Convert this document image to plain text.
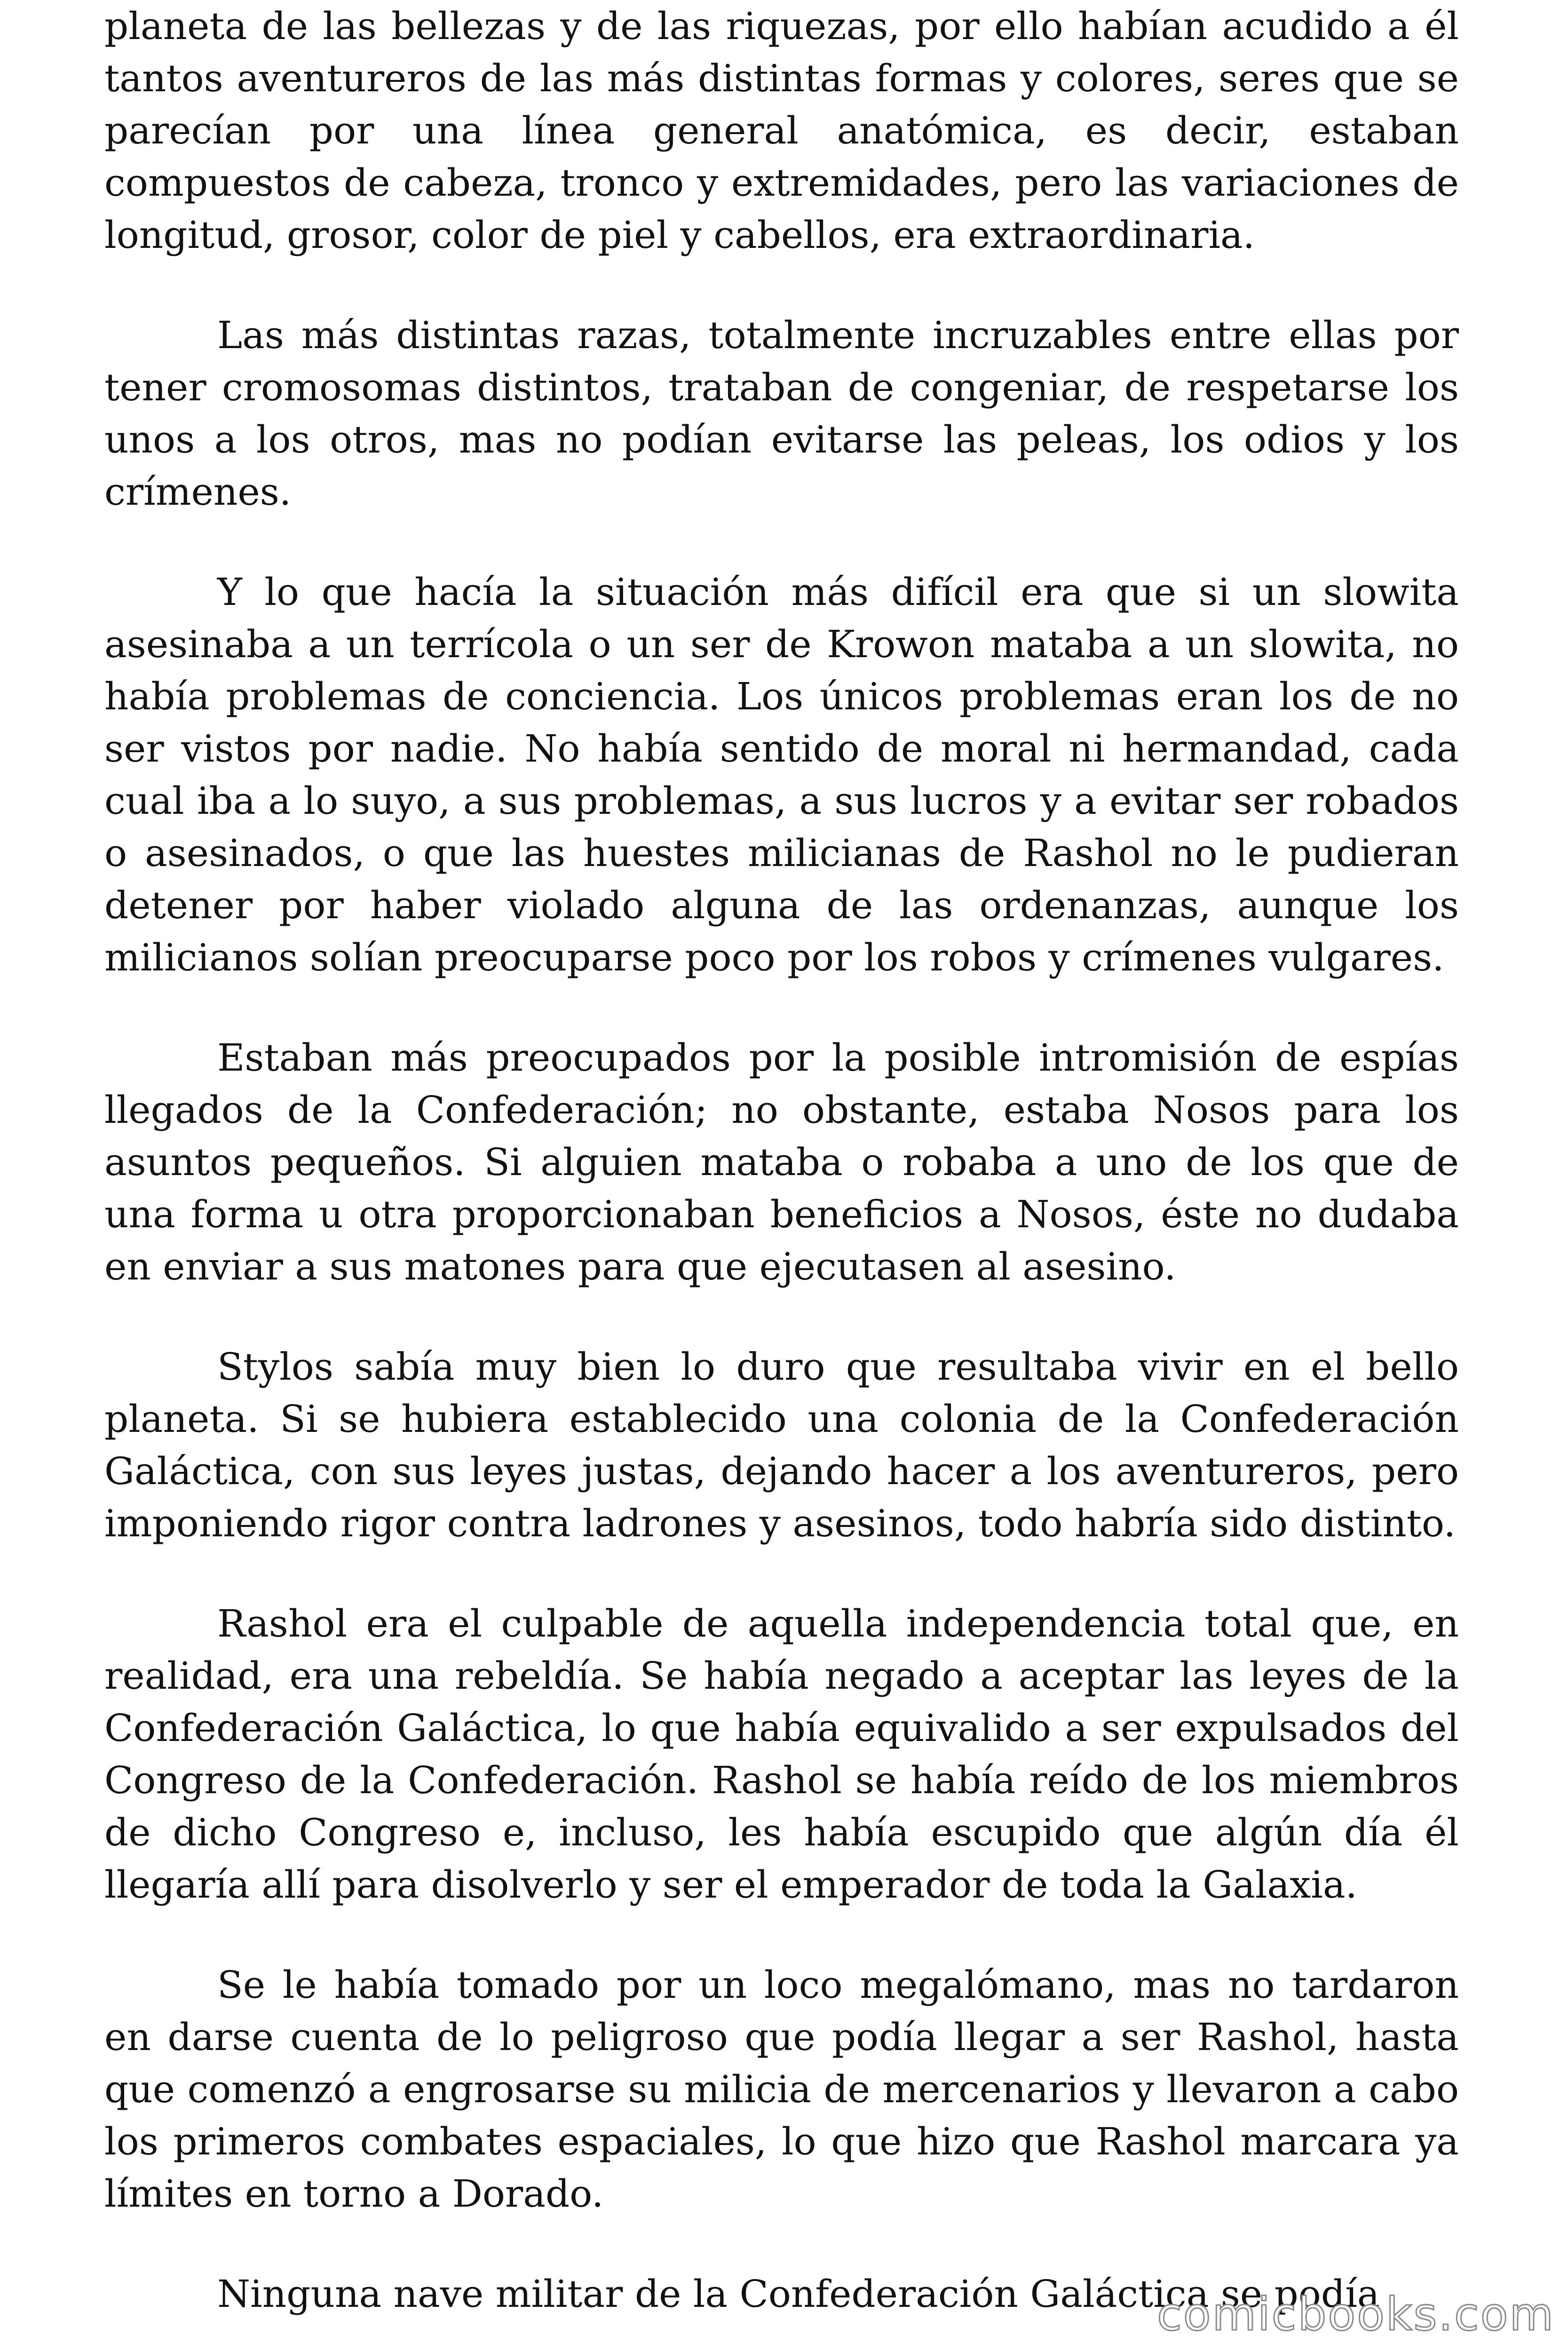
planeta de las bellezas y de las riquezas, por ello habían acudido a él tantos aventureros de las más distintas formas y colores, seres que se parecían por una línea general anatómica, es decir, estaban compuestos de cabeza, tronco y extremidades, pero las variaciones de longitud, grosor, color de piel y cabellos, era extraordinaria.

Las más distintas razas, totalmente incruzables entre ellas por tener cromosomas distintos, trataban de congeniar, de respetarse los unos a los otros, mas no podían evitarse las peleas, los odios y los crímenes.

Y lo que hacía la situación más difícil era que si un slowita asesinaba a un terrícola o un ser de Krowon mataba a un slowita, no había problemas de conciencia. Los únicos problemas eran los de no ser vistos por nadie. No había sentido de moral ni hermandad, cada cual iba a lo suyo, a sus problemas, a sus lucros y a evitar ser robados o asesinados, o que las huestes milicianas de Rashol no le pudieran detener por haber violado alguna de las ordenanzas, aunque los milicianos solían preocuparse poco por los robos y crímenes vulgares.

Estaban más preocupados por la posible intromisión de espías llegados de la Confederación; no obstante, estaba Nosos para los asuntos pequeños. Si alguien mataba o robaba a uno de los que de una forma u otra proporcionaban beneficios a Nosos, éste no dudaba en enviar a sus matones para que ejecutasen al asesino.

Stylos sabía muy bien lo duro que resultaba vivir en el bello planeta. Si se hubiera establecido una colonia de la Confederación Galáctica, con sus leyes justas, dejando hacer a los aventureros, pero imponiendo rigor contra ladrones y asesinos, todo habría sido distinto.

Rashol era el culpable de aquella independencia total que, en realidad, era una rebeldía. Se había negado a aceptar las leyes de la Confederación Galáctica, lo que había equivalido a ser expulsados del Congreso de la Confederación. Rashol se había reído de los miembros de dicho Congreso e, incluso, les había escupido que algún día él llegaría allí para disolverlo y ser el emperador de toda la Galaxia.

Se le había tomado por un loco megalómano, mas no tardaron en darse cuenta de lo peligroso que podía llegar a ser Rashol, hasta que comenzó a engrosarse su milicia de mercenarios y llevaron a cabo los primeros combates espaciales, lo que hizo que Rashol marcara ya límites en torno a Dorado.

Ninguna nave militar de la Confederación Galáctica se podía

comicbooks.com
